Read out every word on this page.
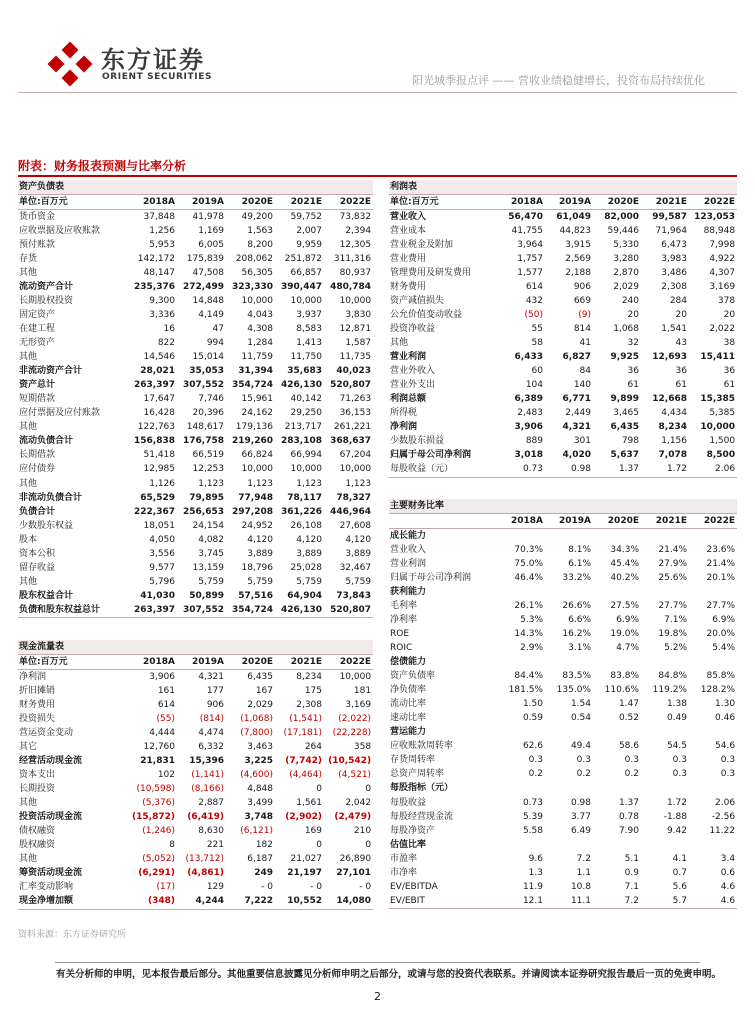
东方证券
ORIENT SECURITIES	阳光城季报点评 —— 营收业绩稳健增长，投资布局持续优化
附表：财务报表预测与比率分析
资产负债表					
单位:百万元	2018A	2019A	2020E	2021E	2022E
货币资金	37,848	41,978	49,200	59,752	73,832
应收票据及应收账款	1,256	1,169	1,563	2,007	2,394
预付账款	5,953	6,005	8,200	9,959	12,305
存货	142,172	175,839	208,062	251,872	311,316
其他	48,147	47,508	56,305	66,857	80,937
流动资产合计	235,376	272,499	323,330	390,447	480,784
长期股权投资	9,300	14,848	10,000	10,000	10,000
固定资产	3,336	4,149	4,043	3,937	3,830
在建工程	16	47	4,308	8,583	12,871
无形资产	822	994	1,284	1,413	1,587
其他	14,546	15,014	11,759	11,750	11,735
非流动资产合计	28,021	35,053	31,394	35,683	40,023
资产总计	263,397	307,552	354,724	426,130	520,807
短期借款	17,647	7,746	15,961	40,142	71,263
应付票据及应付账款	16,428	20,396	24,162	29,250	36,153
其他	122,763	148,617	179,136	213,717	261,221
流动负债合计	156,838	176,758	219,260	283,108	368,637
长期借款	51,418	66,519	66,824	66,994	67,204
应付债券	12,985	12,253	10,000	10,000	10,000
其他	1,126	1,123	1,123	1,123	1,123
非流动负债合计	65,529	79,895	77,948	78,117	78,327
负债合计	222,367	256,653	297,208	361,226	446,964
少数股东权益	18,051	24,154	24,952	26,108	27,608
股本	4,050	4,082	4,120	4,120	4,120
资本公积	3,556	3,745	3,889	3,889	3,889
留存收益	9,577	13,159	18,796	25,028	32,467
其他	5,796	5,759	5,759	5,759	5,759
股东权益合计	41,030	50,899	57,516	64,904	73,843
负债和股东权益总计	263,397	307,552	354,724	426,130	520,807
现金流量表					
单位:百万元	2018A	2019A	2020E	2021E	2022E
净利润	3,906	4,321	6,435	8,234	10,000
折旧摊销	161	177	167	175	181
财务费用	614	906	2,029	2,308	3,169
投资损失	(55)	(814)	(1,068)	(1,541)	(2,022)
营运资金变动	4,444	4,474	(7,800)	(17,181)	(22,228)
其它	12,760	6,332	3,463	264	358
经营活动现金流	21,831	15,396	3,225	(7,742)	(10,542)
资本支出	102	(1,141)	(4,600)	(4,464)	(4,521)
长期投资	(10,598)	(8,166)	4,848	0	0
其他	(5,376)	2,887	3,499	1,561	2,042
投资活动现金流	(15,872)	(6,419)	3,748	(2,902)	(2,479)
债权融资	(1,246)	8,630	(6,121)	169	210
股权融资	8	221	182	0	0
其他	(5,052)	(13,712)	6,187	21,027	26,890
筹资活动现金流	(6,291)	(4,861)	249	21,197	27,101
汇率变动影响	(17)	129	- 0	- 0	- 0
现金净增加额	(348)	4,244	7,222	10,552	14,080
利润表					
单位:百万元	2018A	2019A	2020E	2021E	2022E
营业收入	56,470	61,049	82,000	99,587	123,053
营业成本	41,755	44,823	59,446	71,964	88,948
营业税金及附加	3,964	3,915	5,330	6,473	7,998
营业费用	1,757	2,569	3,280	3,983	4,922
管理费用及研发费用	1,577	2,188	2,870	3,486	4,307
财务费用	614	906	2,029	2,308	3,169
资产减值损失	432	669	240	284	378
公允价值变动收益	(50)	(9)	20	20	20
投资净收益	55	814	1,068	1,541	2,022
其他	58	41	32	43	38
营业利润	6,433	6,827	9,925	12,693	15,411
营业外收入	60	84	36	36	36
营业外支出	104	140	61	61	61
利润总额	6,389	6,771	9,899	12,668	15,385
所得税	2,483	2,449	3,465	4,434	5,385
净利润	3,906	4,321	6,435	8,234	10,000
少数股东损益	889	301	798	1,156	1,500
归属于母公司净利润	3,018	4,020	5,637	7,078	8,500
每股收益（元）	0.73	0.98	1.37	1.72	2.06
主要财务比率					
	2018A	2019A	2020E	2021E	2022E
成长能力					
营业收入	70.3%	8.1%	34.3%	21.4%	23.6%
营业利润	75.0%	6.1%	45.4%	27.9%	21.4%
归属于母公司净利润	46.4%	33.2%	40.2%	25.6%	20.1%
获利能力					
毛利率	26.1%	26.6%	27.5%	27.7%	27.7%
净利率	5.3%	6.6%	6.9%	7.1%	6.9%
ROE	14.3%	16.2%	19.0%	19.8%	20.0%
ROIC	2.9%	3.1%	4.7%	5.2%	5.4%
偿债能力					
资产负债率	84.4%	83.5%	83.8%	84.8%	85.8%
净负债率	181.5%	135.0%	110.6%	119.2%	128.2%
流动比率	1.50	1.54	1.47	1.38	1.30
速动比率	0.59	0.54	0.52	0.49	0.46
营运能力					
应收账款周转率	62.6	49.4	58.6	54.5	54.6
存货周转率	0.3	0.3	0.3	0.3	0.3
总资产周转率	0.2	0.2	0.2	0.3	0.3
每股指标（元）					
每股收益	0.73	0.98	1.37	1.72	2.06
每股经营现金流	5.39	3.77	0.78	-1.88	-2.56
每股净资产	5.58	6.49	7.90	9.42	11.22
估值比率					
市盈率	9.6	7.2	5.1	4.1	3.4
市净率	1.3	1.1	0.9	0.7	0.6
EV/EBITDA	11.9	10.8	7.1	5.6	4.6
EV/EBIT	12.1	11.1	7.2	5.7	4.6
资料来源：东方证券研究所
有关分析师的申明，见本报告最后部分。其他重要信息披露见分析师申明之后部分，或请与您的投资代表联系。并请阅读本证券研究报告最后一页的免责申明。
2
